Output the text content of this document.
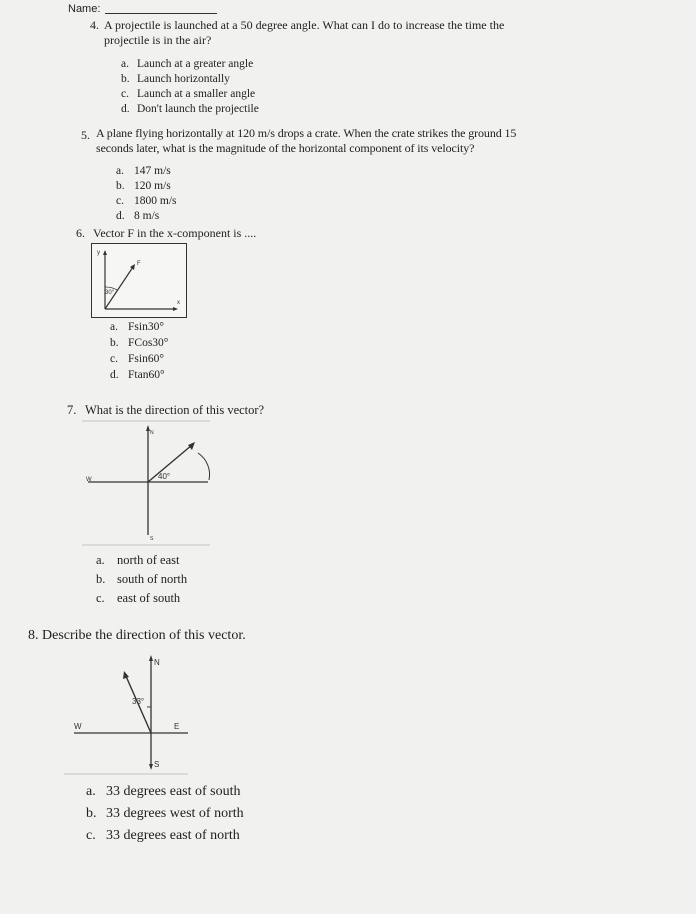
Name:
4. A projectile is launched at a 50 degree angle. What can I do to increase the time the
projectile is in the air?
a. Launch at a greater angle
b. Launch horizontally
c. Launch at a smaller angle
d. Don't launch the projectile
5. A plane flying horizontally at 120 m/s drops a crate. When the crate strikes the ground 15
seconds later, what is the magnitude of the horizontal component of its velocity?
a. 147 m/s
b. 120 m/s
c. 1800 m/s
d. 8 m/s
6. Vector F in the x-component is ....
y
x
F
30°
a. Fsin30°
b. FCos30°
c. Fsin60°
d. Ftan60°
7. What is the direction of this vector?
40°
N
W
S
a. north of east
b. south of north
c. east of south
8. Describe the direction of this vector.
N
33°
W	E
S
a. 33 degrees east of south
b. 33 degrees west of north
c. 33 degrees east of north
